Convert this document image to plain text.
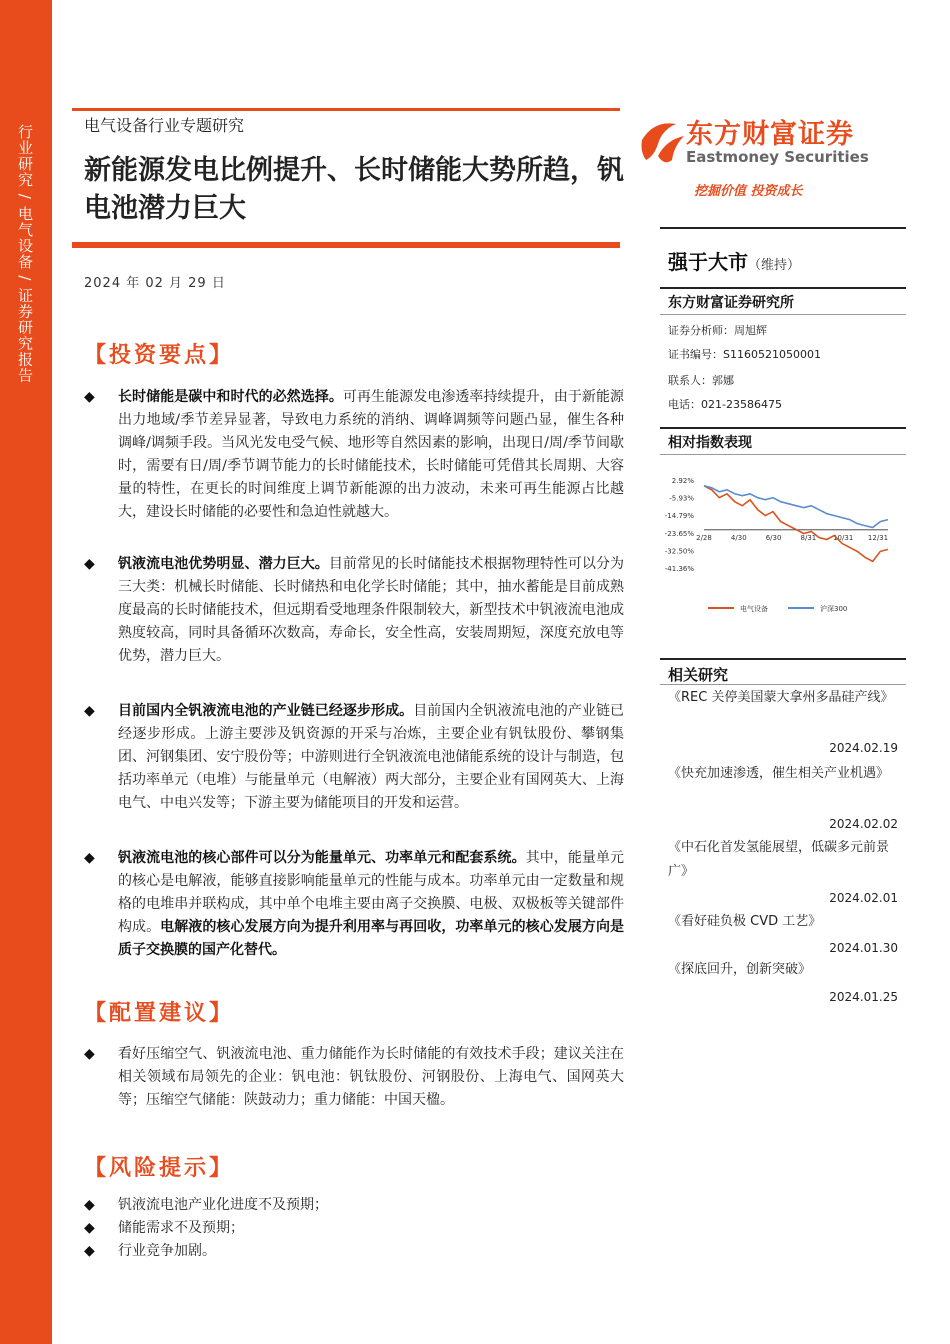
行业研究 / 电气设备 / 证券研究报告	电气设备行业专题研究
新能源发电比例提升、长时储能大势所趋，钒电池潜力巨大
2024 年 02 月 29 日
【投资要点】
◆	长时储能是碳中和时代的必然选择。可再生能源发电渗透率持续提升，由于新能源出力地域/季节差异显著，导致电力系统的消纳、调峰调频等问题凸显，催生各种调峰/调频手段。当风光发电受气候、地形等自然因素的影响，出现日/周/季节间歇时，需要有日/周/季节调节能力的长时储能技术，长时储能可凭借其长周期、大容量的特性，在更长的时间维度上调节新能源的出力波动，未来可再生能源占比越大，建设长时储能的必要性和急迫性就越大。
◆	钒液流电池优势明显、潜力巨大。目前常见的长时储能技术根据物理特性可以分为三大类：机械长时储能、长时储热和电化学长时储能；其中，抽水蓄能是目前成熟度最高的长时储能技术，但远期看受地理条件限制较大，新型技术中钒液流电池成熟度较高，同时具备循环次数高，寿命长，安全性高，安装周期短，深度充放电等优势，潜力巨大。
◆	目前国内全钒液流电池的产业链已经逐步形成。目前国内全钒液流电池的产业链已经逐步形成。上游主要涉及钒资源的开采与冶炼，主要企业有钒钛股份、攀钢集团、河钢集团、安宁股份等；中游则进行全钒液流电池储能系统的设计与制造，包括功率单元（电堆）与能量单元（电解液）两大部分，主要企业有国网英大、上海电气、中电兴发等；下游主要为储能项目的开发和运营。
◆	钒液流电池的核心部件可以分为能量单元、功率单元和配套系统。其中，能量单元的核心是电解液，能够直接影响能量单元的性能与成本。功率单元由一定数量和规格的电堆串并联构成，其中单个电堆主要由离子交换膜、电极、双极板等关键部件构成。电解液的核心发展方向为提升利用率与再回收，功率单元的核心发展方向是质子交换膜的国产化替代。
【配置建议】
◆	看好压缩空气、钒液流电池、重力储能作为长时储能的有效技术手段；建议关注在相关领域布局领先的企业：钒电池：钒钛股份、河钢股份、上海电气、国网英大等；压缩空气储能：陕鼓动力；重力储能：中国天楹。
【风险提示】
◆	钒液流电池产业化进度不及预期；
◆	储能需求不及预期；
◆	行业竞争加剧。
东方财富证券
Eastmoney Securities
挖掘价值 投资成长
强于大市（维持）
东方财富证券研究所
证券分析师：周旭辉
证书编号：S1160521050001
联系人：郭娜
电话：021-23586475
相对指数表现
2.92%
-5.93%
-14.79%
-23.65%
-32.50%
-41.36%
2/28	4/30	6/30	8/31 10/31 12/31
电气设备	沪深300
相关研究
《REC 关停美国蒙大拿州多晶硅产线》
2024.02.19
《快充加速渗透，催生相关产业机遇》
2024.02.02
《中石化首发氢能展望，低碳多元前景广》
2024.02.01
《看好硅负极 CVD 工艺》
2024.01.30
《探底回升，创新突破》
2024.01.25
